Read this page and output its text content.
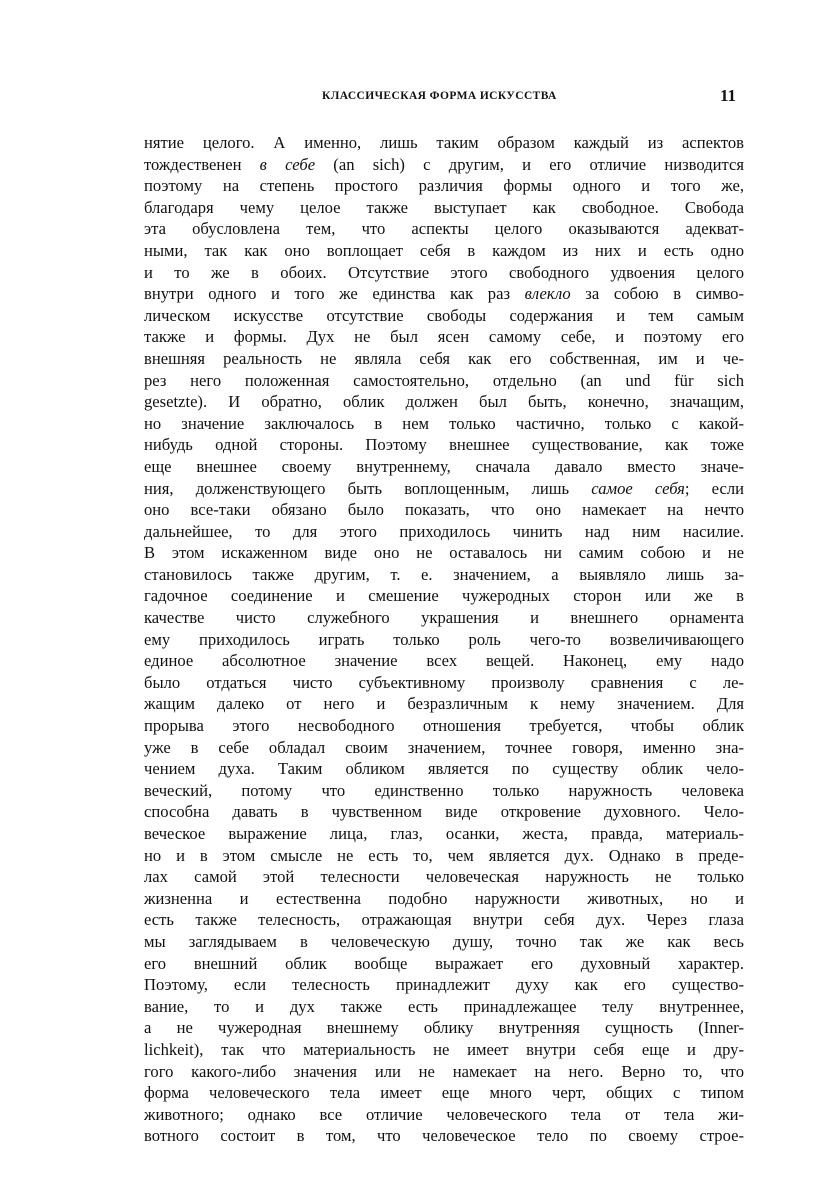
КЛАССИЧЕСКАЯ ФОРМА ИСКУССТВА	11
нятие целого. А именно, лишь таким образом каждый из аспектов
тождественен в себе (an sich) с другим, и его отличие низводится
поэтому на степень простого различия формы одного и того же,
благодаря чему целое также выступает как свободное. Свобода
эта обусловлена тем, что аспекты целого оказываются адекват-
ными, так как оно воплощает себя в каждом из них и есть одно
и то же в обоих. Отсутствие этого свободного удвоения целого
внутри одного и того же единства как раз влекло за собою в симво-
лическом искусстве отсутствие свободы содержания и тем самым
также и формы. Дух не был ясен самому себе, и поэтому его
внешняя реальность не являла себя как его собственная, им и че-
рез него положенная самостоятельно, отдельно (an und für sich
gesetzte). И обратно, облик должен был быть, конечно, значащим,
но значение заключалось в нем только частично, только с какой-
нибудь одной стороны. Поэтому внешнее существование, как тоже
еще внешнее своему внутреннему, сначала давало вместо значе-
ния, долженствующего быть воплощенным, лишь самое себя; если
оно все-таки обязано было показать, что оно намекает на нечто
дальнейшее, то для этого приходилось чинить над ним насилие.
В этом искаженном виде оно не оставалось ни самим собою и не
становилось также другим, т. е. значением, а выявляло лишь за-
гадочное соединение и смешение чужеродных сторон или же в
качестве чисто служебного украшения и внешнего орнамента
ему приходилось играть только роль чего-то возвеличивающего
единое абсолютное значение всех вещей. Наконец, ему надо
было отдаться чисто субъективному произволу сравнения с ле-
жащим далеко от него и безразличным к нему значением. Для
прорыва этого несвободного отношения требуется, чтобы облик
уже в себе обладал своим значением, точнее говоря, именно зна-
чением духа. Таким обликом является по существу облик чело-
веческий, потому что единственно только наружность человека
способна давать в чувственном виде откровение духовного. Чело-
веческое выражение лица, глаз, осанки, жеста, правда, материаль-
но и в этом смысле не есть то, чем является дух. Однако в преде-
лах самой этой телесности человеческая наружность не только
жизненна и естественна подобно наружности животных, но и
есть также телесность, отражающая внутри себя дух. Через глаза
мы заглядываем в человеческую душу, точно так же как весь
его внешний облик вообще выражает его духовный характер.
Поэтому, если телесность принадлежит духу как его существо-
вание, то и дух также есть принадлежащее телу внутреннее,
а не чужеродная внешнему облику внутренняя сущность (Inner-
lichkeit), так что материальность не имеет внутри себя еще и дру-
гого какого-либо значения или не намекает на него. Верно то, что
форма человеческого тела имеет еще много черт, общих с типом
животного; однако все отличие человеческого тела от тела жи-
вотного состоит в том, что человеческое тело по своему строе-
